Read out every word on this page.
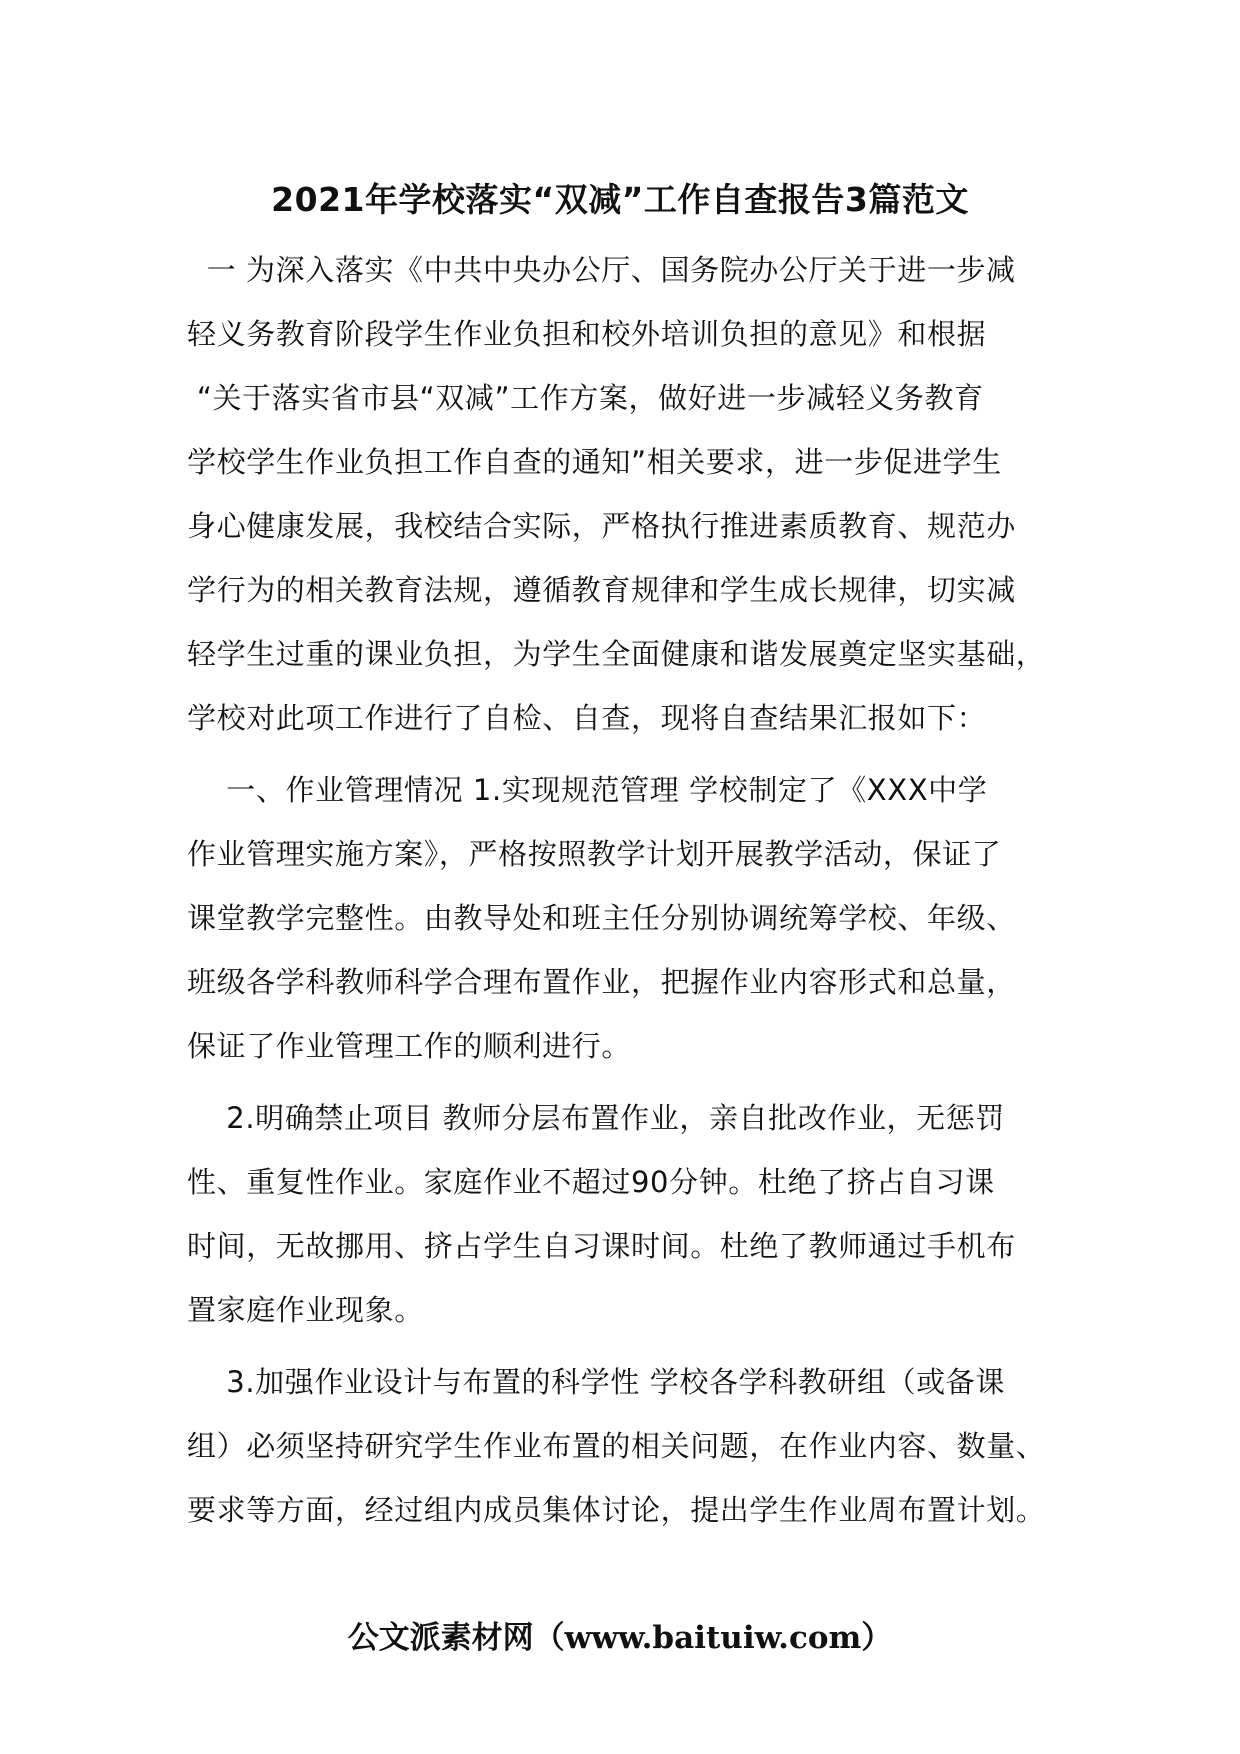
2021年学校落实“双减”工作自查报告3篇范文
一 为深入落实《中共中央办公厅、国务院办公厅关于进一步减
轻义务教育阶段学生作业负担和校外培训负担的意见》和根据
“关于落实省市县“双减”工作方案，做好进一步减轻义务教育
学校学生作业负担工作自查的通知”相关要求，进一步促进学生
身心健康发展，我校结合实际，严格执行推进素质教育、规范办
学行为的相关教育法规，遵循教育规律和学生成长规律，切实减
轻学生过重的课业负担，为学生全面健康和谐发展奠定坚实基础，
学校对此项工作进行了自检、自查，现将自查结果汇报如下：
一、作业管理情况 1.实现规范管理 学校制定了《XXX中学
作业管理实施方案》，严格按照教学计划开展教学活动，保证了
课堂教学完整性。由教导处和班主任分别协调统筹学校、年级、
班级各学科教师科学合理布置作业，把握作业内容形式和总量，
保证了作业管理工作的顺利进行。
2.明确禁止项目 教师分层布置作业，亲自批改作业，无惩罚
性、重复性作业。家庭作业不超过90分钟。杜绝了挤占自习课
时间，无故挪用、挤占学生自习课时间。杜绝了教师通过手机布
置家庭作业现象。
3.加强作业设计与布置的科学性 学校各学科教研组（或备课
组）必须坚持研究学生作业布置的相关问题，在作业内容、数量、
要求等方面，经过组内成员集体讨论，提出学生作业周布置计划。
公文派素材网（www.baituiw.com）
